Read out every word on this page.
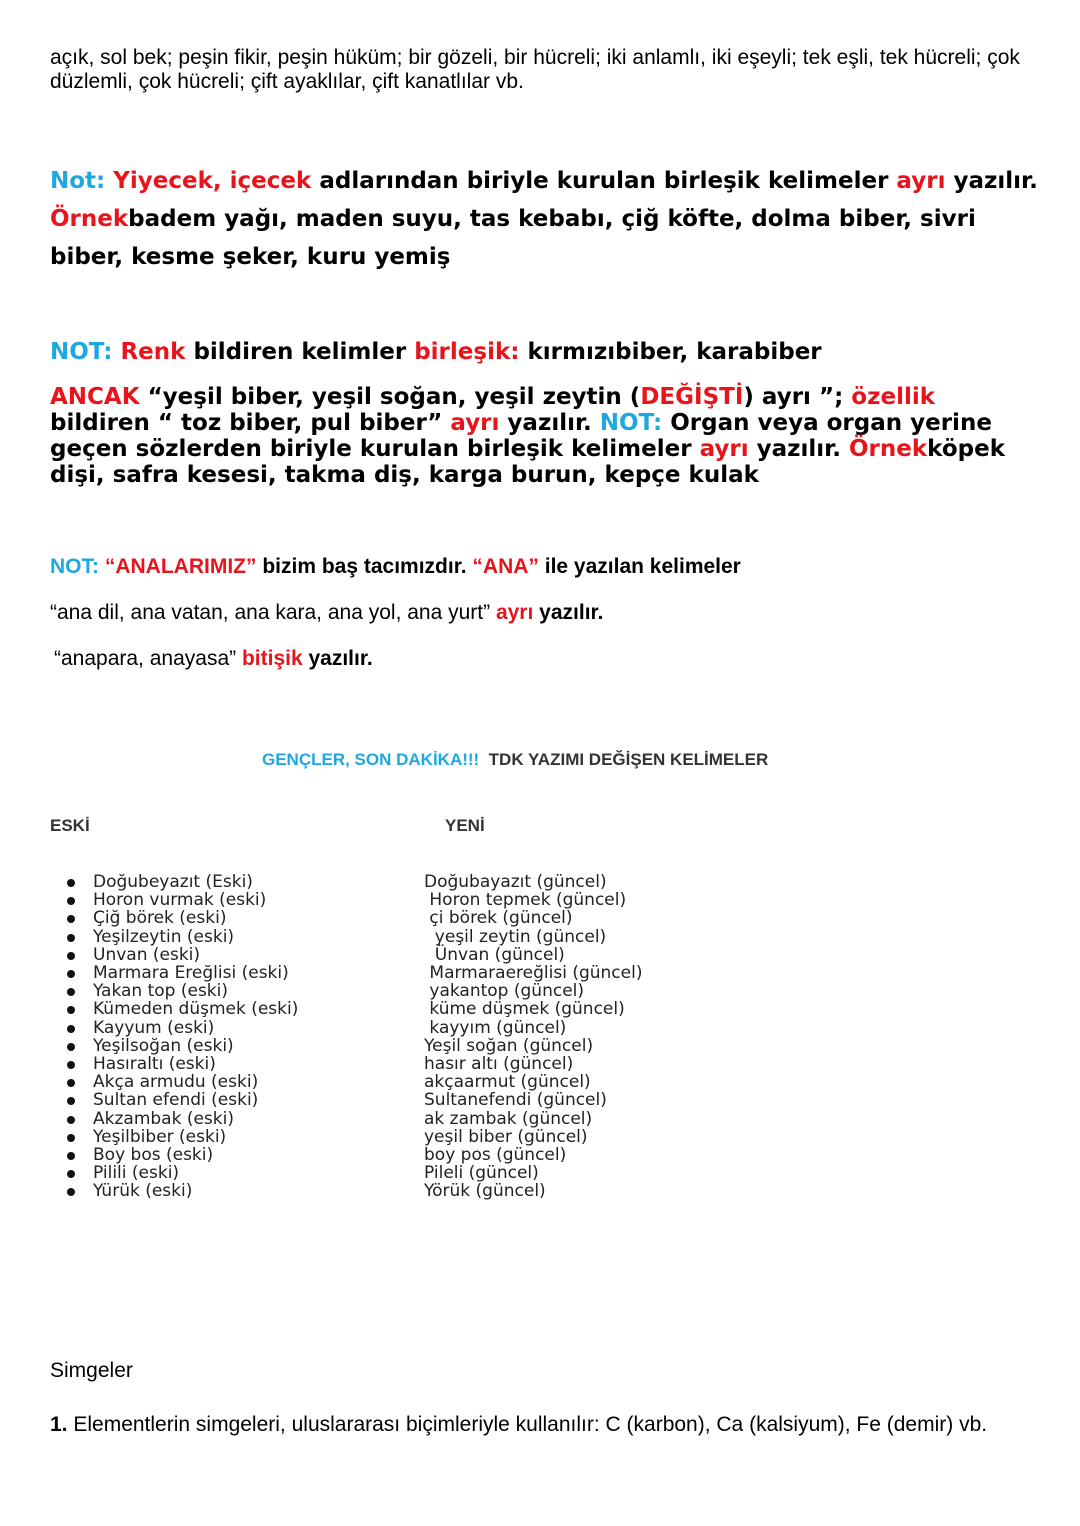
açık, sol bek; peşin fikir, peşin hüküm; bir gözeli, bir hücreli; iki anlamlı, iki eşeyli; tek eşli, tek hücreli; çok düzlemli, çok hücreli; çift ayaklılar, çift kanatlılar vb.
Not: Yiyecek, içecek adlarından biriyle kurulan birleşik kelimeler ayrı yazılır. Örnekbadem yağı, maden suyu, tas kebabı, çiğ köfte, dolma biber, sivri biber, kesme şeker, kuru yemiş
NOT: Renk bildiren kelimler birleşik: kırmızıbiber, karabiber
ANCAK “yeşil biber, yeşil soğan, yeşil zeytin (DEĞİŞTİ) ayrı ”; özellik bildiren “ toz biber, pul biber” ayrı yazılır. NOT: Organ veya organ yerine geçen sözlerden biriyle kurulan birleşik kelimeler ayrı yazılır. Örnekköpek dişi, safra kesesi, takma diş, karga burun, kepçe kulak
NOT: “ANALARIMIZ” bizim baş tacımızdır. “ANA” ile yazılan kelimeler
“ana dil, ana vatan, ana kara, ana yol, ana yurt” ayrı yazılır.
“anapara, anayasa” bitişik yazılır.
GENÇLER, SON DAKİKA!!! TDK YAZIMI DEĞİŞEN KELİMELER
ESKİ	YENİ
Doğubeyazıt (Eski)
Horon vurmak (eski)
Çiğ börek (eski)
Yeşilzeytin (eski)
Unvan (eski)
Marmara Ereğlisi (eski)
Yakan top (eski)
Kümeden düşmek (eski)
Kayyum (eski)
Yeşilsoğan (eski)
Hasıraltı (eski)
Akça armudu (eski)
Sultan efendi (eski)
Akzambak (eski)
Yeşilbiber (eski)
Boy bos (eski)
Pilili (eski)
Yürük (eski)
Doğubayazıt (güncel)
Horon tepmek (güncel)
çi börek (güncel)
yeşil zeytin (güncel)
Ünvan (güncel)
Marmaraereğlisi (güncel)
yakantop (güncel)
küme düşmek (güncel)
kayyım (güncel)
Yeşil soğan (güncel)
hasır altı (güncel)
akçaarmut (güncel)
Sultanefendi (güncel)
ak zambak (güncel)
yeşil biber (güncel)
boy pos (güncel)
Pileli (güncel)
Yörük (güncel)
Simgeler
1. Elementlerin simgeleri, uluslararası biçimleriyle kullanılır: C (karbon), Ca (kalsiyum), Fe (demir) vb.
